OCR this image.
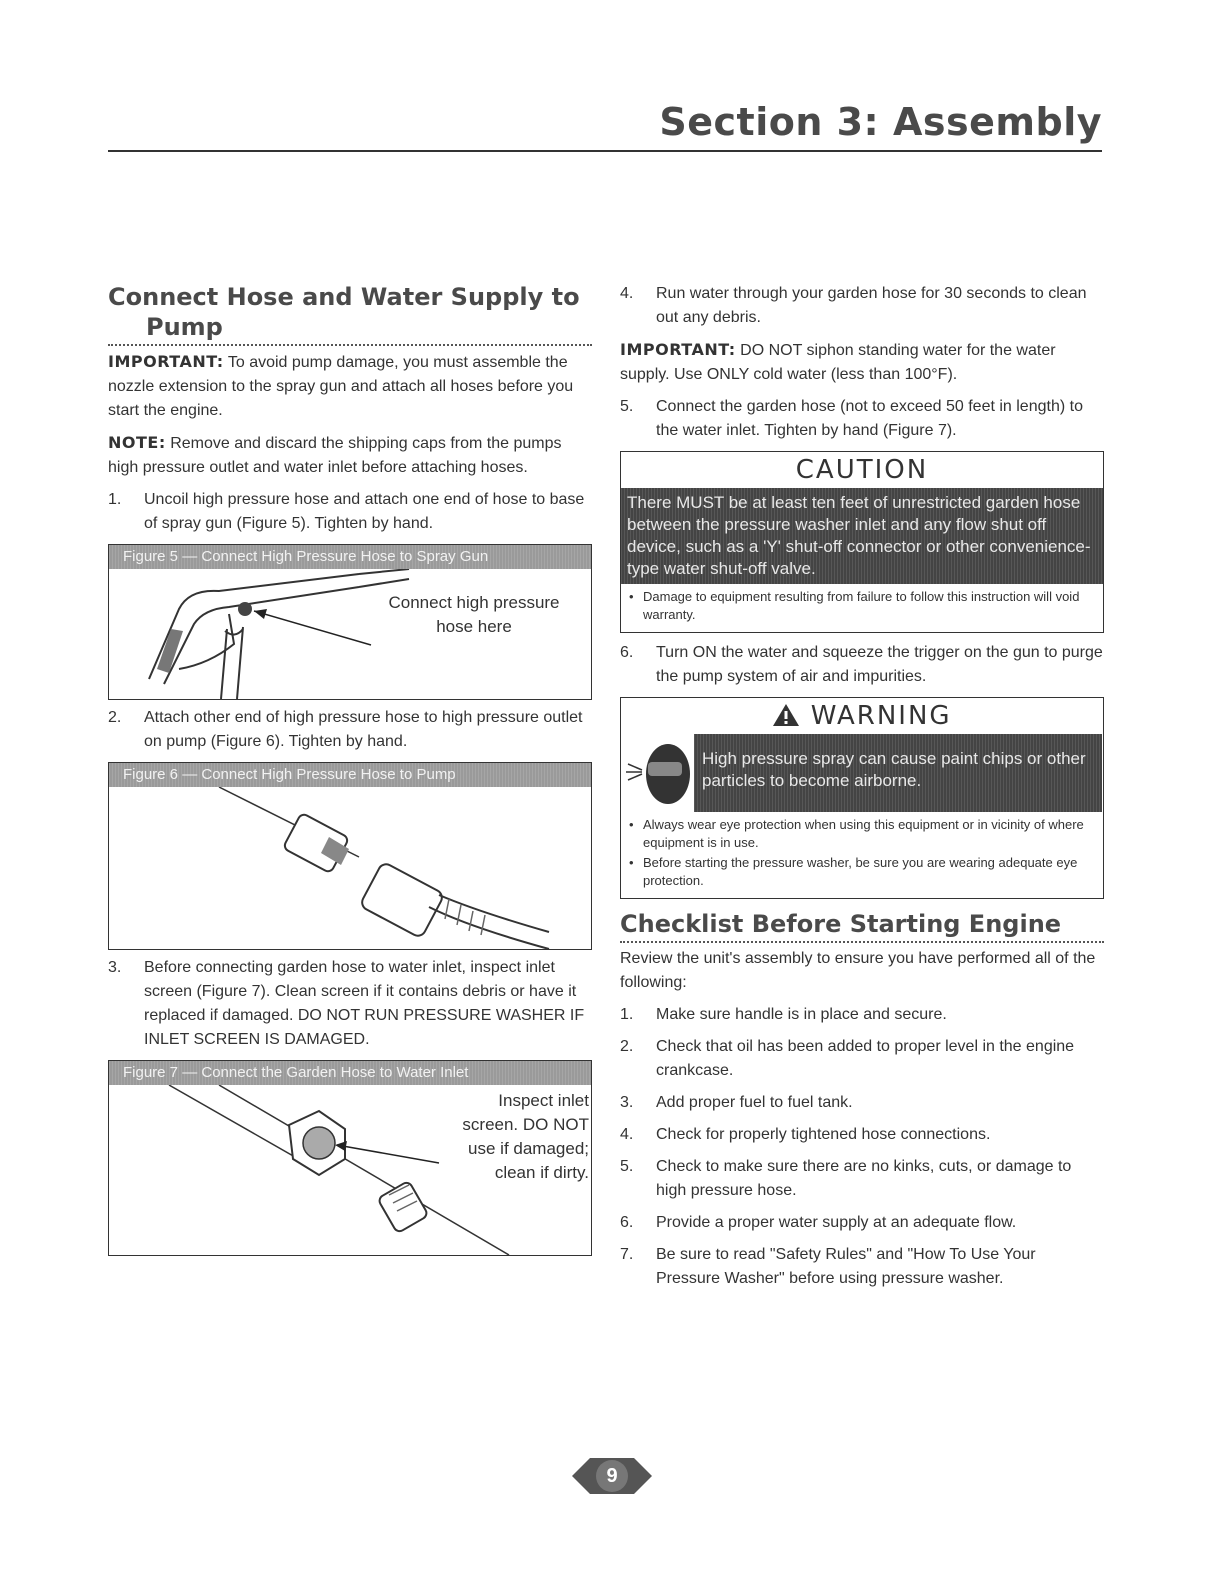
Section 3: Assembly
Connect Hose and Water Supply to
Pump

IMPORTANT: To avoid pump damage, you must assemble the nozzle extension to the spray gun and attach all hoses before you start the engine.

NOTE: Remove and discard the shipping caps from the pumps high pressure outlet and water inlet before attaching hoses.

1.	Uncoil high pressure hose and attach one end of hose to base of spray gun (Figure 5). Tighten by hand.
Figure 5 — Connect High Pressure Hose to Spray Gun
Connect high pressure
hose here
2.	Attach other end of high pressure hose to high pressure outlet on pump (Figure 6). Tighten by hand.
Figure 6 — Connect High Pressure Hose to Pump
3.	Before connecting garden hose to water inlet, inspect inlet screen (Figure 7). Clean screen if it contains debris or have it replaced if damaged. DO NOT RUN PRESSURE WASHER IF INLET SCREEN IS DAMAGED.
Figure 7 — Connect the Garden Hose to Water Inlet
Inspect inlet
screen. DO NOT
use if damaged;
clean if dirty.
4.	Run water through your garden hose for 30 seconds to clean out any debris.

IMPORTANT: DO NOT siphon standing water for the water supply. Use ONLY cold water (less than 100°F).

5.	Connect the garden hose (not to exceed 50 feet in length) to the water inlet. Tighten by hand (Figure 7).
CAUTION
There MUST be at least ten feet of unrestricted garden hose between the pressure washer inlet and any flow shut off device, such as a 'Y' shut-off connector or other convenience-type water shut-off valve.
• Damage to equipment resulting from failure to follow this instruction will void warranty.
6.	Turn ON the water and squeeze the trigger on the gun to purge the pump system of air and impurities.
WARNING
High pressure spray can cause paint chips or other particles to become airborne.
• Always wear eye protection when using this equipment or in vicinity of where equipment is in use.
• Before starting the pressure washer, be sure you are wearing adequate eye protection.
Checklist Before Starting Engine

Review the unit's assembly to ensure you have performed all of the following:

1.	Make sure handle is in place and secure.
2.	Check that oil has been added to proper level in the engine crankcase.
3.	Add proper fuel to fuel tank.
4.	Check for properly tightened hose connections.
5.	Check to make sure there are no kinks, cuts, or damage to high pressure hose.
6.	Provide a proper water supply at an adequate flow.
7.	Be sure to read "Safety Rules" and "How To Use Your Pressure Washer" before using pressure washer.
9
